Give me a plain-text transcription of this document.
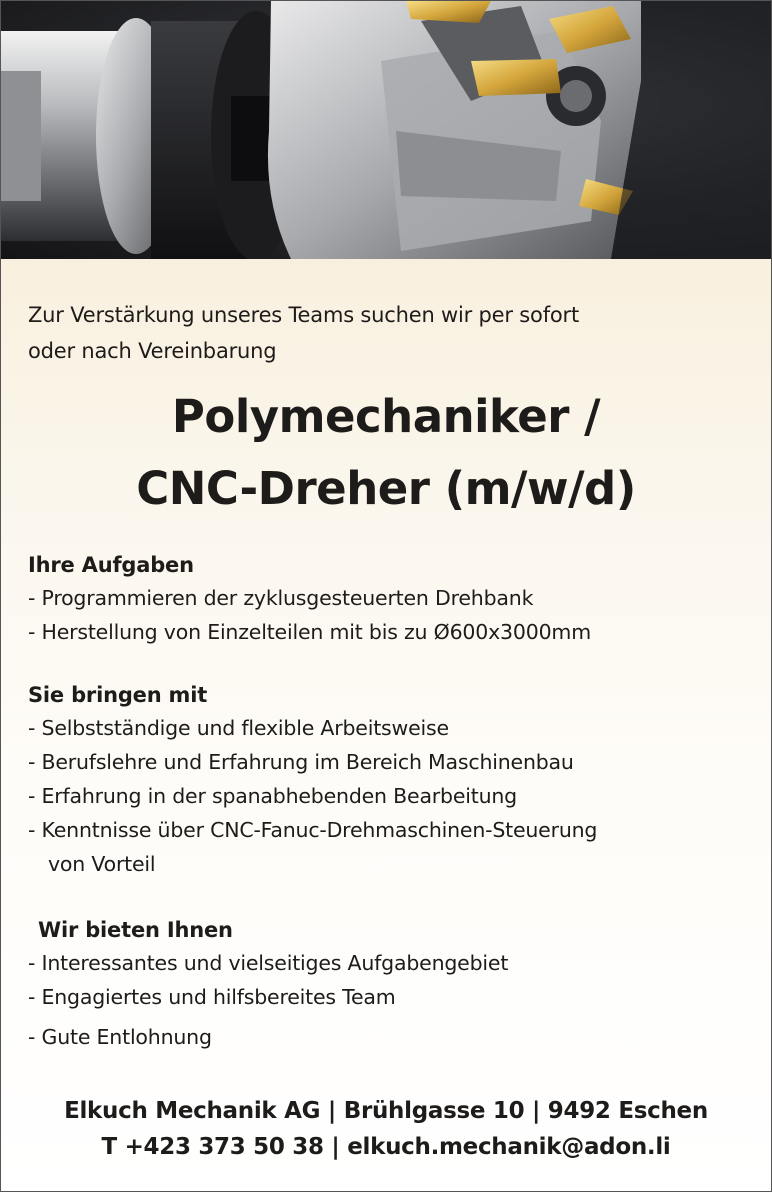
Zur Verstärkung unseres Teams suchen wir per sofort
oder nach Vereinbarung
Polymechaniker /
CNC-Dreher (m/w/d)
Ihre Aufgaben
- Programmieren der zyklusgesteuerten Drehbank
- Herstellung von Einzelteilen mit bis zu Ø600x3000mm
Sie bringen mit
- Selbstständige und flexible Arbeitsweise
- Berufslehre und Erfahrung im Bereich Maschinenbau
- Erfahrung in der spanabhebenden Bearbeitung
- Kenntnisse über CNC-Fanuc-Drehmaschinen-Steuerung
von Vorteil
Wir bieten Ihnen
- Interessantes und vielseitiges Aufgabengebiet
- Engagiertes und hilfsbereites Team
- Gute Entlohnung
Elkuch Mechanik AG | Brühlgasse 10 | 9492 Eschen
T +423 373 50 38 | elkuch.mechanik@adon.li
